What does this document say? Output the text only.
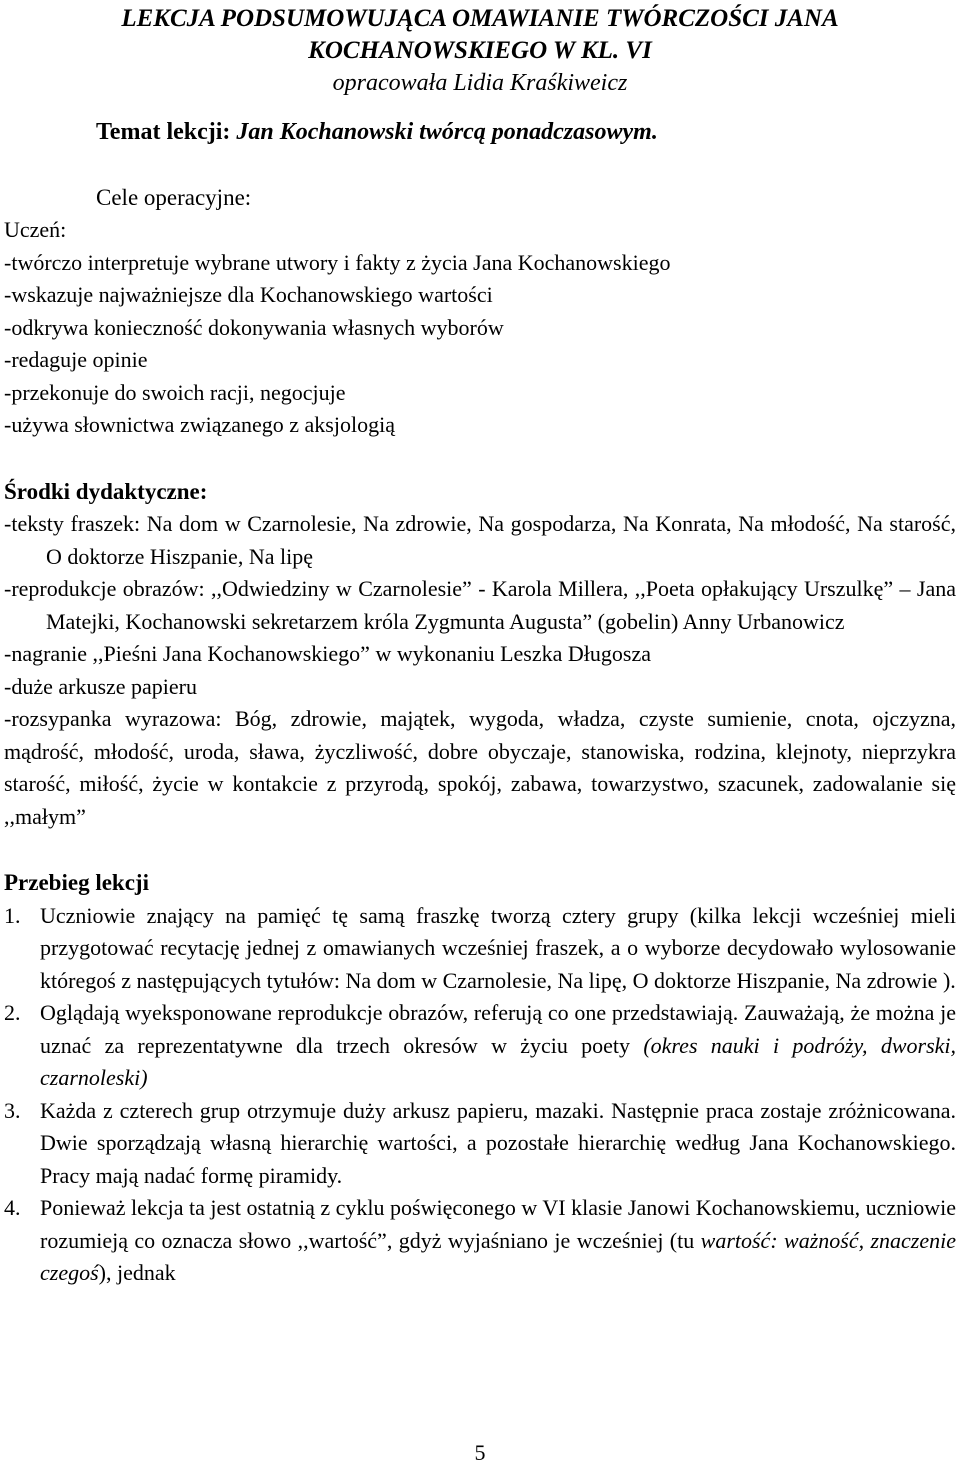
LEKCJA PODSUMOWUJĄCA OMAWIANIE TWÓRCZOŚCI JANA
KOCHANOWSKIEGO W KL. VI
opracowała Lidia Kraśkiweicz
Temat lekcji: Jan Kochanowski twórcą ponadczasowym.
Cele operacyjne:

Uczeń:

-twórczo interpretuje wybrane utwory i fakty z życia Jana Kochanowskiego

-wskazuje najważniejsze dla Kochanowskiego wartości

-odkrywa konieczność dokonywania własnych wyborów

-redaguje opinie

-przekonuje do swoich racji, negocjuje

-używa słownictwa związanego z aksjologią

Środki dydaktyczne:

-teksty fraszek: Na dom w Czarnolesie, Na zdrowie, Na gospodarza, Na Konrata, Na młodość, Na starość, O doktorze Hiszpanie, Na lipę

-reprodukcje obrazów: ,,Odwiedziny w Czarnolesie” - Karola Millera, ,,Poeta opłakujący Urszulkę” – Jana Matejki, Kochanowski sekretarzem króla Zygmunta Augusta” (gobelin) Anny Urbanowicz

-nagranie ,,Pieśni Jana Kochanowskiego” w wykonaniu Leszka Długosza

-duże arkusze papieru

-rozsypanka wyrazowa: Bóg, zdrowie, majątek, wygoda, władza, czyste sumienie, cnota, ojczyzna, mądrość, młodość, uroda, sława, życzliwość, dobre obyczaje, stanowiska, rodzina, klejnoty, nieprzykra starość, miłość, życie w kontakcie z przyrodą, spokój, zabawa, towarzystwo, szacunek, zadowalanie się ,,małym”

Przebieg lekcji
1. Uczniowie znający na pamięć tę samą fraszkę tworzą cztery grupy (kilka lekcji wcześniej mieli przygotować recytację jednej z omawianych wcześniej fraszek, a o wyborze decydowało wylosowanie któregoś z następujących tytułów: Na dom w Czarnolesie, Na lipę, O doktorze Hiszpanie, Na zdrowie ).
2. Oglądają wyeksponowane reprodukcje obrazów, referują co one przedstawiają. Zauważają, że można je uznać za reprezentatywne dla trzech okresów w życiu poety (okres nauki i podróży, dworski, czarnoleski)
3. Każda z czterech grup otrzymuje duży arkusz papieru, mazaki. Następnie praca zostaje zróżnicowana. Dwie sporządzają własną hierarchię wartości, a pozostałe hierarchię według Jana Kochanowskiego. Pracy mają nadać formę piramidy.
4. Ponieważ lekcja ta jest ostatnią z cyklu poświęconego w VI klasie Janowi Kochanowskiemu, uczniowie rozumieją co oznacza słowo ,,wartość”, gdyż wyjaśniano je wcześniej (tu wartość: ważność, znaczenie czegoś), jednak
5
